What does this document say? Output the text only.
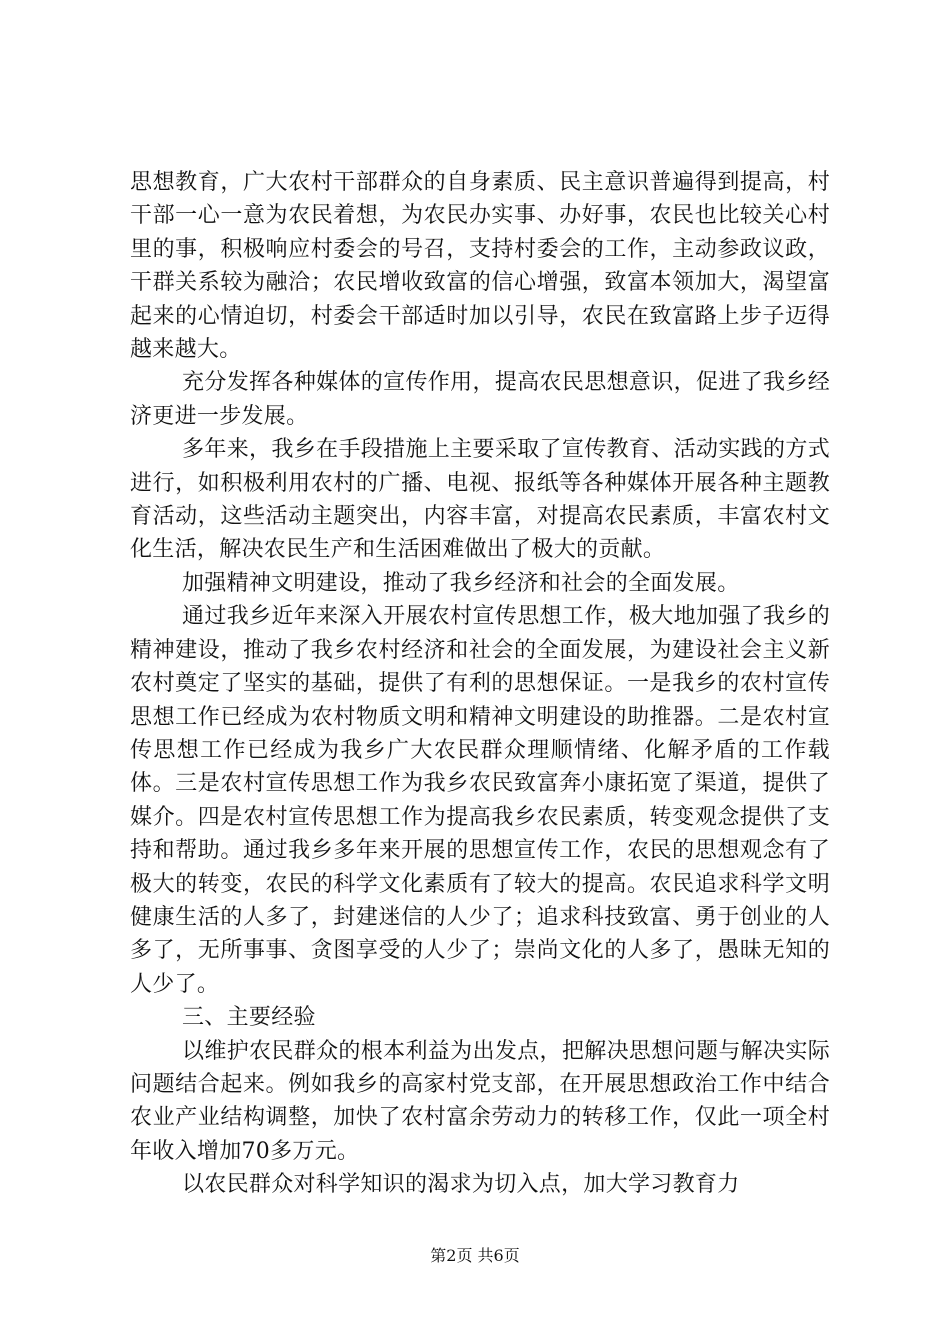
思想教育，广大农村干部群众的自身素质、民主意识普遍得到提高，村干部一心一意为农民着想，为农民办实事、办好事，农民也比较关心村里的事，积极响应村委会的号召，支持村委会的工作，主动参政议政，干群关系较为融洽；农民增收致富的信心增强，致富本领加大，渴望富起来的心情迫切，村委会干部适时加以引导，农民在致富路上步子迈得越来越大。

充分发挥各种媒体的宣传作用，提高农民思想意识，促进了我乡经济更进一步发展。

多年来，我乡在手段措施上主要采取了宣传教育、活动实践的方式进行，如积极利用农村的广播、电视、报纸等各种媒体开展各种主题教育活动，这些活动主题突出，内容丰富，对提高农民素质，丰富农村文化生活，解决农民生产和生活困难做出了极大的贡献。

加强精神文明建设，推动了我乡经济和社会的全面发展。

通过我乡近年来深入开展农村宣传思想工作，极大地加强了我乡的精神建设，推动了我乡农村经济和社会的全面发展，为建设社会主义新农村奠定了坚实的基础，提供了有利的思想保证。一是我乡的农村宣传思想工作已经成为农村物质文明和精神文明建设的助推器。二是农村宣传思想工作已经成为我乡广大农民群众理顺情绪、化解矛盾的工作载体。三是农村宣传思想工作为我乡农民致富奔小康拓宽了渠道，提供了媒介。四是农村宣传思想工作为提高我乡农民素质，转变观念提供了支持和帮助。通过我乡多年来开展的思想宣传工作，农民的思想观念有了极大的转变，农民的科学文化素质有了较大的提高。农民追求科学文明健康生活的人多了，封建迷信的人少了；追求科技致富、勇于创业的人多了，无所事事、贪图享受的人少了；崇尚文化的人多了，愚昧无知的人少了。

三、主要经验

以维护农民群众的根本利益为出发点，把解决思想问题与解决实际问题结合起来。例如我乡的高家村党支部，在开展思想政治工作中结合农业产业结构调整，加快了农村富余劳动力的转移工作，仅此一项全村年收入增加70多万元。

以农民群众对科学知识的渴求为切入点，加大学习教育力

第2页 共6页
